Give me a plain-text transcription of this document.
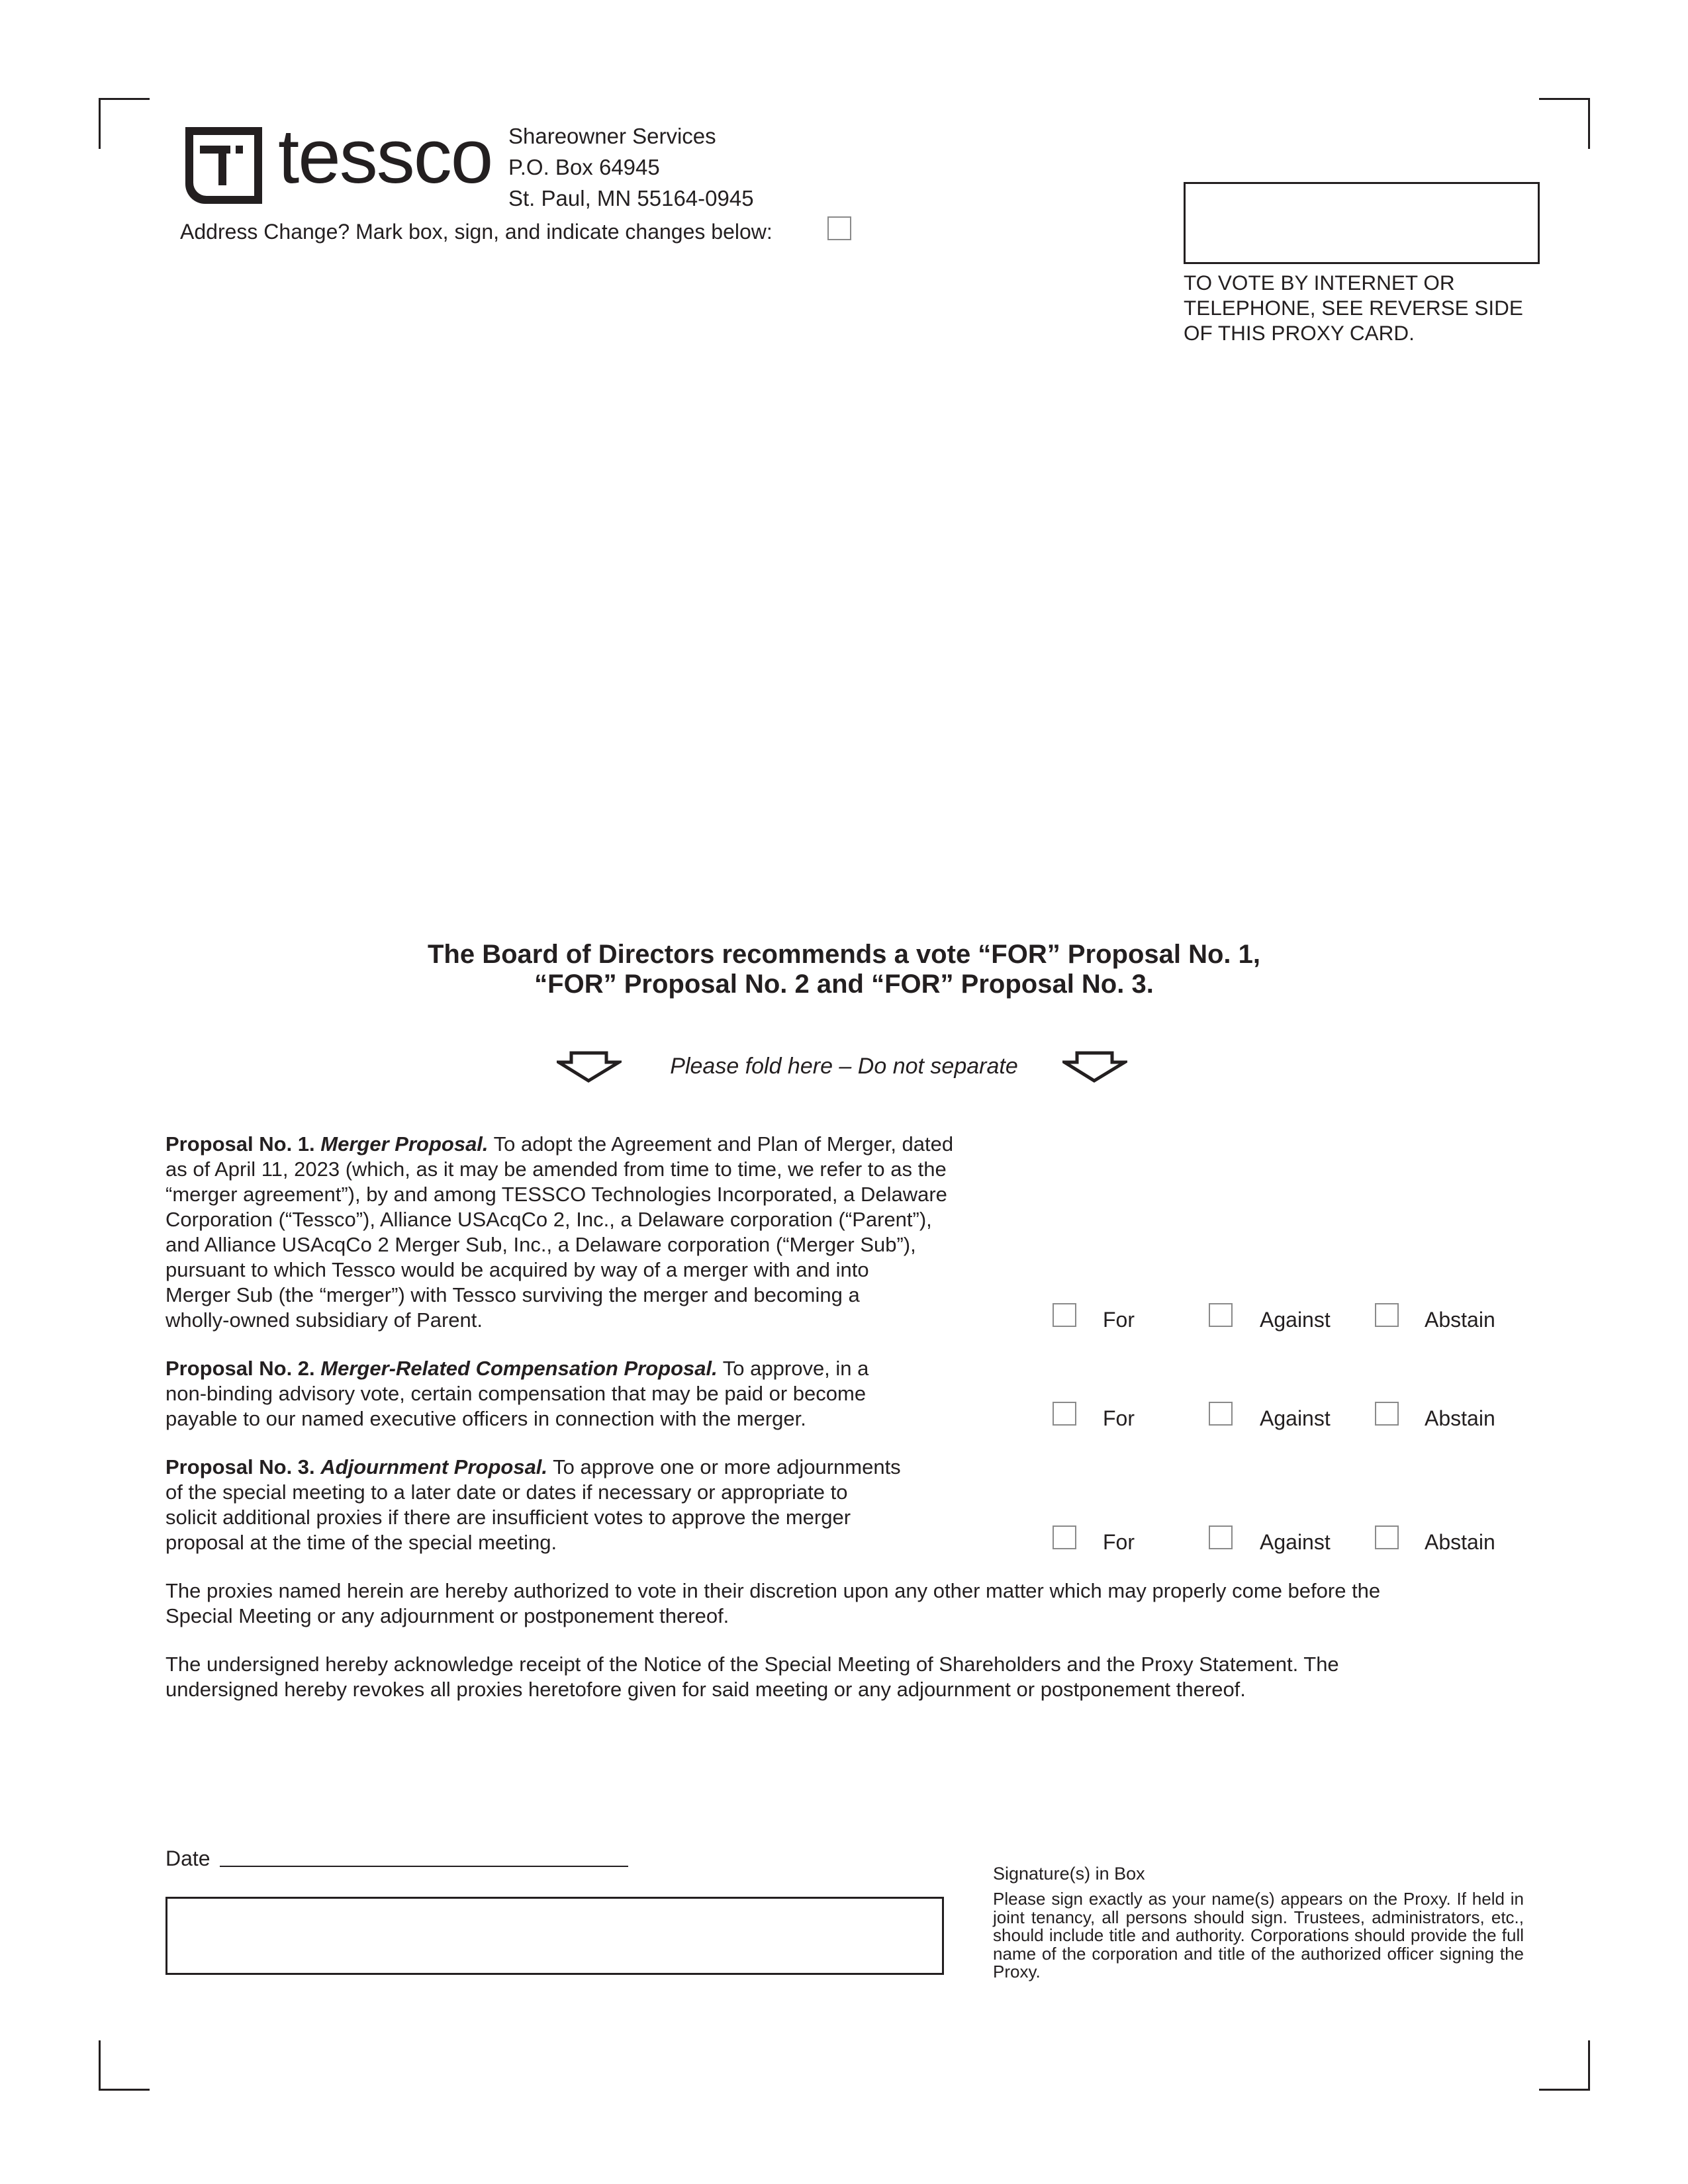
tessco Shareowner Services
P.O. Box 64945
St. Paul, MN 55164-0945
Address Change? Mark box, sign, and indicate changes below:
TO VOTE BY INTERNET OR
TELEPHONE, SEE REVERSE SIDE
OF THIS PROXY CARD.
The Board of Directors recommends a vote “FOR” Proposal No. 1,
“FOR” Proposal No. 2 and “FOR” Proposal No. 3.
Please fold here – Do not separate
Proposal No. 1. Merger Proposal. To adopt the Agreement and Plan of Merger, dated
as of April 11, 2023 (which, as it may be amended from time to time, we refer to as the
“merger agreement”), by and among TESSCO Technologies Incorporated, a Delaware
Corporation (“Tessco”), Alliance USAcqCo 2, Inc., a Delaware corporation (“Parent”),
and Alliance USAcqCo 2 Merger Sub, Inc., a Delaware corporation (“Merger Sub”),
pursuant to which Tessco would be acquired by way of a merger with and into
Merger Sub (the “merger”) with Tessco surviving the merger and becoming a
wholly-owned subsidiary of Parent.	For	Against	Abstain
Proposal No. 2. Merger-Related Compensation Proposal. To approve, in a
non-binding advisory vote, certain compensation that may be paid or become
payable to our named executive officers in connection with the merger.	For	Against	Abstain
Proposal No. 3. Adjournment Proposal. To approve one or more adjournments
of the special meeting to a later date or dates if necessary or appropriate to
solicit additional proxies if there are insufficient votes to approve the merger
proposal at the time of the special meeting.	For	Against	Abstain
The proxies named herein are hereby authorized to vote in their discretion upon any other matter which may properly come before the
Special Meeting or any adjournment or postponement thereof.
The undersigned hereby acknowledge receipt of the Notice of the Special Meeting of Shareholders and the Proxy Statement. The
undersigned hereby revokes all proxies heretofore given for said meeting or any adjournment or postponement thereof.
Date
Signature(s) in Box
Please sign exactly as your name(s) appears on the Proxy. If held in joint tenancy, all persons should sign. Trustees, administrators, etc., should include title and authority. Corporations should provide the full name of the corporation and title of the authorized officer signing the Proxy.
